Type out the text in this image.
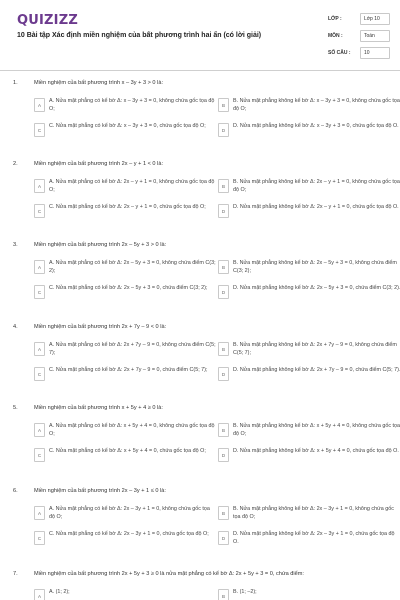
QUIZIZZ
10 Bài tập Xác định miền nghiệm của bất phương trình hai ẩn (có lời giải)
LỚP :	Lớp 10
MÔN :	Toán
SỐ CÂU :	10
1.	Miền nghiệm của bất phương trình x – 3y + 3 > 0 là:
A
A. Nửa mặt phẳng có kể bờ Δ: x – 3y + 3 = 0, không chứa gốc tọa độ O;
B
B. Nửa mặt phẳng không kể bờ Δ: x – 3y + 3 = 0, không chứa gốc tọa độ O;
C
C. Nửa mặt phẳng có kể bờ Δ: x – 3y + 3 = 0, chứa gốc tọa độ O;
D
D. Nửa mặt phẳng không kể bờ Δ: x – 3y + 3 = 0, chứa gốc tọa độ O.
2.	Miền nghiệm của bất phương trình 2x – y + 1 < 0 là:
A
A. Nửa mặt phẳng có kể bờ Δ: 2x – y + 1 = 0, không chứa gốc tọa độ O;
B
B. Nửa mặt phẳng không kể bờ Δ: 2x – y + 1 = 0, không chứa gốc tọa độ O;
C
C. Nửa mặt phẳng có kể bờ Δ: 2x – y + 1 = 0, chứa gốc tọa độ O;
D
D. Nửa mặt phẳng không kể bờ Δ: 2x – y + 1 = 0, chứa gốc tọa độ O.
3.	Miền nghiệm của bất phương trình 2x – 5y + 3 > 0 là:
A
A. Nửa mặt phẳng có kể bờ Δ: 2x – 5y + 3 = 0, không chứa điểm C(3; 2);
B
B. Nửa mặt phẳng không kể bờ Δ: 2x – 5y + 3 = 0, không chứa điểm C(3; 2);
C
C. Nửa mặt phẳng có kể bờ Δ: 2x – 5y + 3 = 0, chứa điểm C(3; 2);
D
D. Nửa mặt phẳng không kể bờ Δ: 2x – 5y + 3 = 0, chứa điểm C(3; 2).
4.	Miền nghiệm của bất phương trình 2x + 7y – 9 < 0 là:
A
A. Nửa mặt phẳng có kể bờ Δ: 2x + 7y – 9 = 0, không chứa điểm C(5; 7);
B
B. Nửa mặt phẳng không kể bờ Δ: 2x + 7y – 9 = 0, không chứa điểm C(5; 7);
C
C. Nửa mặt phẳng có kể bờ Δ: 2x + 7y – 9 = 0, chứa điểm C(5; 7);
D
D. Nửa mặt phẳng không kể bờ Δ: 2x + 7y – 9 = 0, chứa điểm C(5; 7).
5.	Miền nghiệm của bất phương trình x + 5y + 4 ≥ 0 là:
A
A. Nửa mặt phẳng có kể bờ Δ: x + 5y + 4 = 0, không chứa gốc tọa độ O;
B
B. Nửa mặt phẳng không kể bờ Δ: x + 5y + 4 = 0, không chứa gốc tọa độ O;
C
C. Nửa mặt phẳng có kể bờ Δ: x + 5y + 4 = 0, chứa gốc tọa độ O;
D
D. Nửa mặt phẳng không kể bờ Δ: x + 5y + 4 = 0, chứa gốc tọa độ O.
6.	Miền nghiệm của bất phương trình 2x – 3y + 1 ≤ 0 là:
A
A. Nửa mặt phẳng có kể bờ Δ: 2x – 3y + 1 = 0, không chứa gốc tọa độ O;
B
B. Nửa mặt phẳng không kể bờ Δ: 2x – 3y + 1 = 0, không chứa gốc tọa độ O;
C
C. Nửa mặt phẳng có kể bờ Δ: 2x – 3y + 1 = 0, chứa gốc tọa độ O;
D
D. Nửa mặt phẳng không kể bờ Δ: 2x – 3y + 1 = 0, chứa gốc tọa độ O.
7.	Miền nghiệm của bất phương trình 2x + 5y + 3 ≥ 0 là nửa mặt phẳng có kể bờ Δ: 2x + 5y + 3 = 0, chứa điểm:
A
A. (1; 2);
B
B. (1; –2);
